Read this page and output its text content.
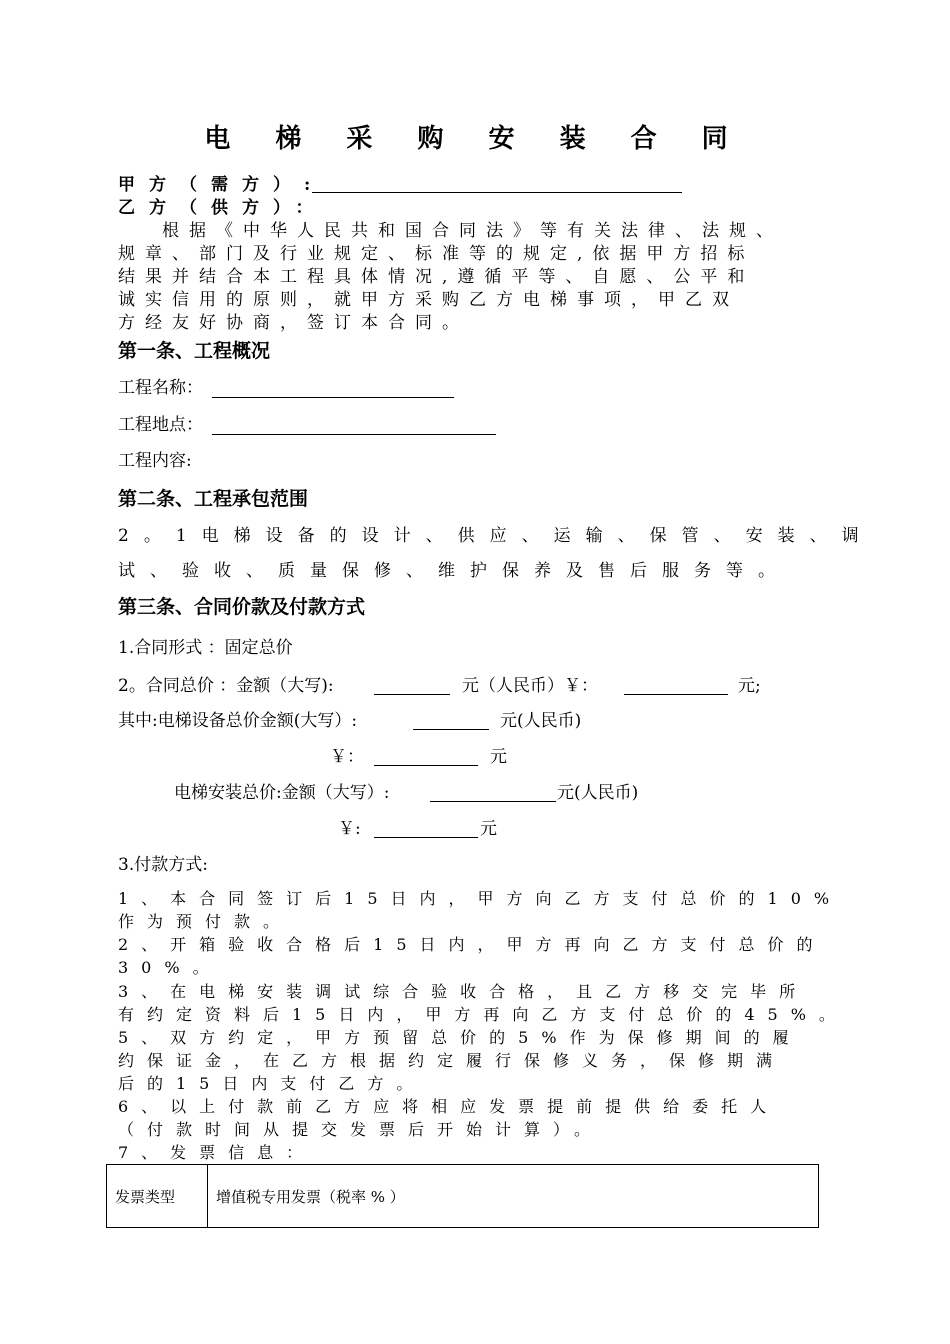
电 梯 采 购 安 装 合 同
甲方（需方）:
乙方（供方）：
根据《中华人民共和国合同法》等有关法律、法规、
规章、部门及行业规定、标准等的规定,依据甲方招标
结果并结合本工程具体情况,遵循平等、自愿、公平和
诚实信用的原则，就甲方采购乙方电梯事项，甲乙双
方经友好协商，签订本合同。
第一条、工程概况
工程名称：
工程地点：
工程内容:
第二条、工程承包范围
2。1电梯设备的设计、供应、运输、保管、安装、调
试、验收、质量保修、维护保养及售后服务等。
第三条、合同价款及付款方式
1.合同形式 ：固定总价
2。合同总价 ：金额（大写):	元（人民币）￥：	元;
其中:电梯设备总价金额(大写）:	元(人民币)
￥：	元
电梯安装总价:金额（大写）:	元(人民币)
￥:	元
3.付款方式:
1、本合同签订后15日内，甲方向乙方支付总价的10%
作为预付款。
2、开箱验收合格后15日内，甲方再向乙方支付总价的
30%。
3、在电梯安装调试综合验收合格，且乙方移交完毕所
有约定资料后15日内，甲方再向乙方支付总价的45%。
5、双方约定，甲方预留总价的5%作为保修期间的履
约保证金，在乙方根据约定履行保修义务，保修期满
后的15日内支付乙方。
6、以上付款前乙方应将相应发票提前提供给委托人
（付款时间从提交发票后开始计算）。
7、发票信息：
发票类型	增值税专用发票（税率 % ）
